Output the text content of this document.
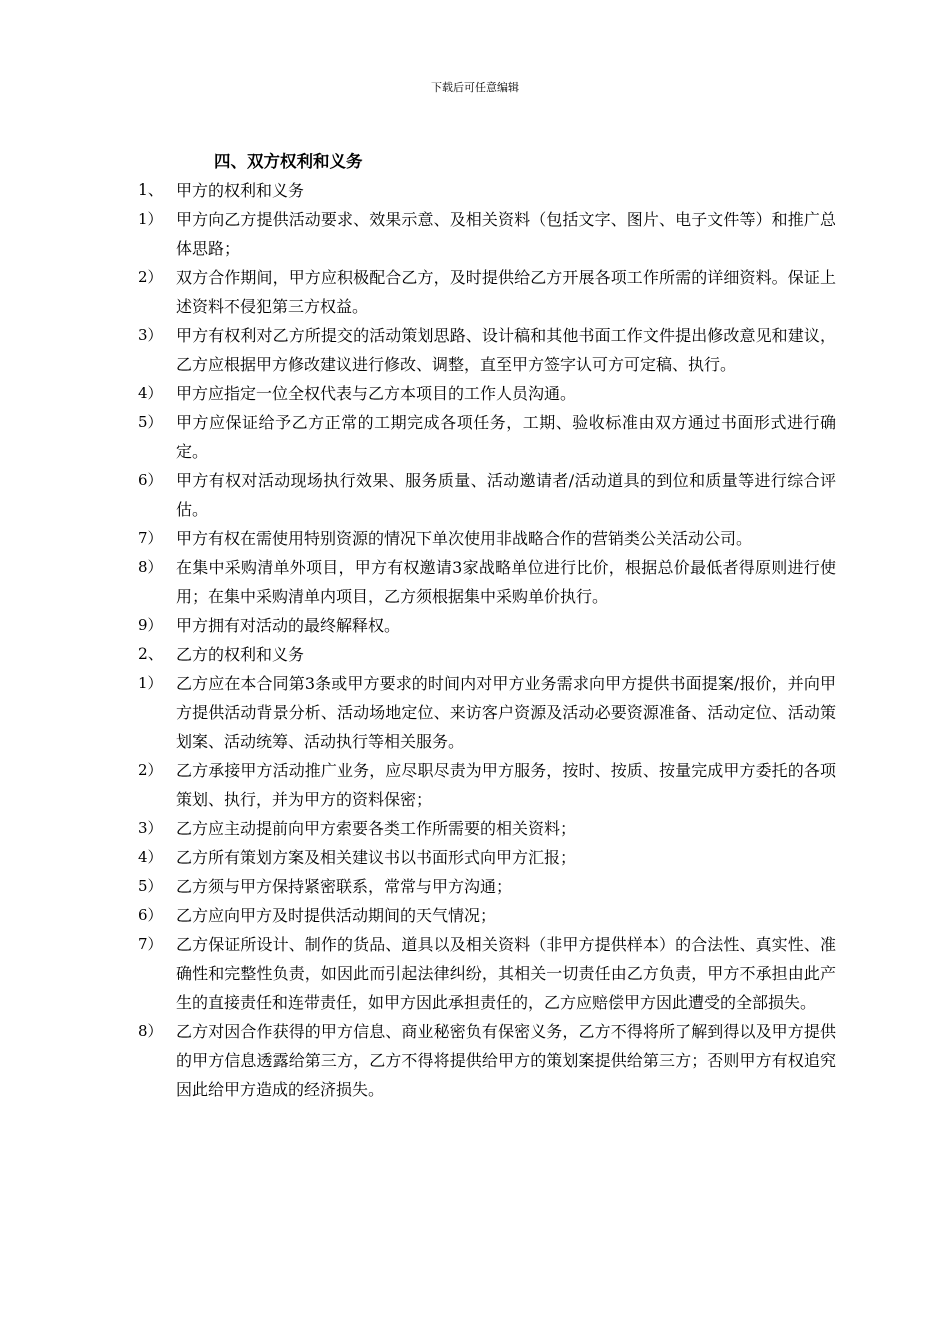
下载后可任意编辑
四、双方权利和义务
1、 甲方的权利和义务
1） 甲方向乙方提供活动要求、效果示意、及相关资料（包括文字、图片、电子文件等）和推广总体思路；
2） 双方合作期间，甲方应积极配合乙方，及时提供给乙方开展各项工作所需的详细资料。保证上述资料不侵犯第三方权益。
3） 甲方有权利对乙方所提交的活动策划思路、设计稿和其他书面工作文件提出修改意见和建议，乙方应根据甲方修改建议进行修改、调整，直至甲方签字认可方可定稿、执行。
4） 甲方应指定一位全权代表与乙方本项目的工作人员沟通。
5） 甲方应保证给予乙方正常的工期完成各项任务，工期、验收标准由双方通过书面形式进行确定。
6） 甲方有权对活动现场执行效果、服务质量、活动邀请者/活动道具的到位和质量等进行综合评估。
7） 甲方有权在需使用特别资源的情况下单次使用非战略合作的营销类公关活动公司。
8） 在集中采购清单外项目，甲方有权邀请3家战略单位进行比价，根据总价最低者得原则进行使用；在集中采购清单内项目，乙方须根据集中采购单价执行。
9） 甲方拥有对活动的最终解释权。
2、 乙方的权利和义务
1） 乙方应在本合同第3条或甲方要求的时间内对甲方业务需求向甲方提供书面提案/报价，并向甲方提供活动背景分析、活动场地定位、来访客户资源及活动必要资源准备、活动定位、活动策划案、活动统筹、活动执行等相关服务。
2） 乙方承接甲方活动推广业务，应尽职尽责为甲方服务，按时、按质、按量完成甲方委托的各项策划、执行，并为甲方的资料保密；
3） 乙方应主动提前向甲方索要各类工作所需要的相关资料；
4） 乙方所有策划方案及相关建议书以书面形式向甲方汇报；
5） 乙方须与甲方保持紧密联系，常常与甲方沟通；
6） 乙方应向甲方及时提供活动期间的天气情况；
7） 乙方保证所设计、制作的货品、道具以及相关资料（非甲方提供样本）的合法性、真实性、准确性和完整性负责，如因此而引起法律纠纷，其相关一切责任由乙方负责，甲方不承担由此产生的直接责任和连带责任，如甲方因此承担责任的，乙方应赔偿甲方因此遭受的全部损失。
8） 乙方对因合作获得的甲方信息、商业秘密负有保密义务，乙方不得将所了解到得以及甲方提供的甲方信息透露给第三方，乙方不得将提供给甲方的策划案提供给第三方；否则甲方有权追究因此给甲方造成的经济损失。
